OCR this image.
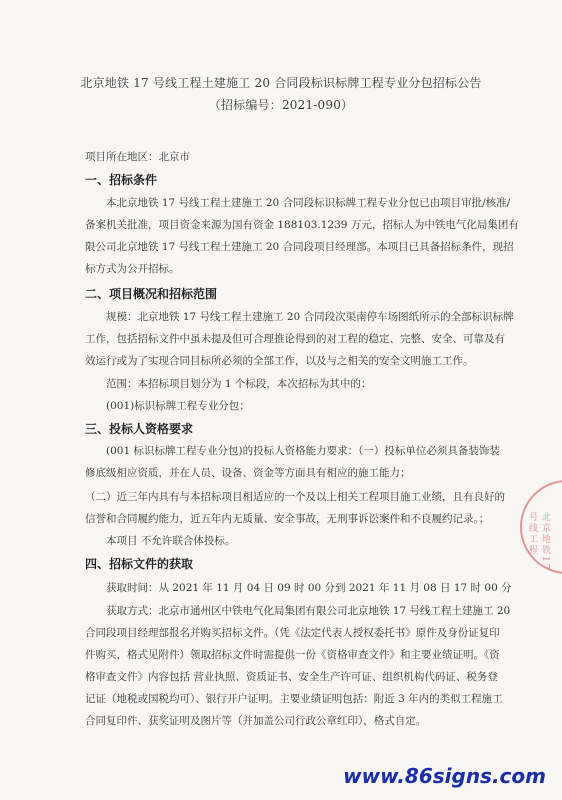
北京地铁 17 号线工程土建施工 20 合同段标识标牌工程专业分包招标公告
（招标编号：2021-090）
项目所在地区：北京市
一、招标条件
本北京地铁 17 号线工程土建施工 20 合同段标识标牌工程专业分包已由项目审批/核准/
备案机关批准，项目资金来源为国有资金 188103.1239 万元，招标人为中铁电气化局集团有
限公司北京地铁 17 号线工程土建施工 20 合同段项目经理部。本项目已具备招标条件，现招
标方式为公开招标。
二、项目概况和招标范围
规模：北京地铁 17 号线工程土建施工 20 合同段次渠南停车场图纸所示的全部标识标牌
工作，包括招标文件中虽未提及但可合理推论得到的对工程的稳定、完整、安全、可靠及有
效运行或为了实现合同目标所必须的全部工作，以及与之相关的安全文明施工工作。
范围：本招标项目划分为 1 个标段，本次招标为其中的：
(001)标识标牌工程专业分包；
三、投标人资格要求
(001 标识标牌工程专业分包)的投标人资格能力要求：（一）投标单位必须具备装饰装
修底级相应资质，并在人员、设备、资金等方面具有相应的施工能力；
（二）近三年内具有与本招标项目相适应的一个及以上相关工程项目施工业绩，且有良好的
信誉和合同履约能力，近五年内无质量、安全事故，无刑事诉讼案件和不良履约记录。；
本项目 不允许联合体投标。
四、招标文件的获取
获取时间：从 2021 年 11 月 04 日 09 时 00 分到 2021 年 11 月 08 日 17 时 00 分
获取方式：北京市通州区中铁电气化局集团有限公司北京地铁 17 号线工程土建施工 20
合同段项目经理部报名并购买招标文件。（凭《法定代表人授权委托书》原件及身份证复印
件购买，格式见附件）领取招标文件时需提供一份《资格审查文件》和主要业绩证明。《资
格审查文件》内容包括 营业执照、资质证书、安全生产许可证、组织机构代码证、税务登
记证（地税或国税均可）、银行开户证明。主要业绩证明包括：附近 3 年内的类似工程施工
合同复印件、获奖证明及图片等（并加盖公司行政公章红印），格式自定。
北京地铁17号线工程
www.86signs.com
